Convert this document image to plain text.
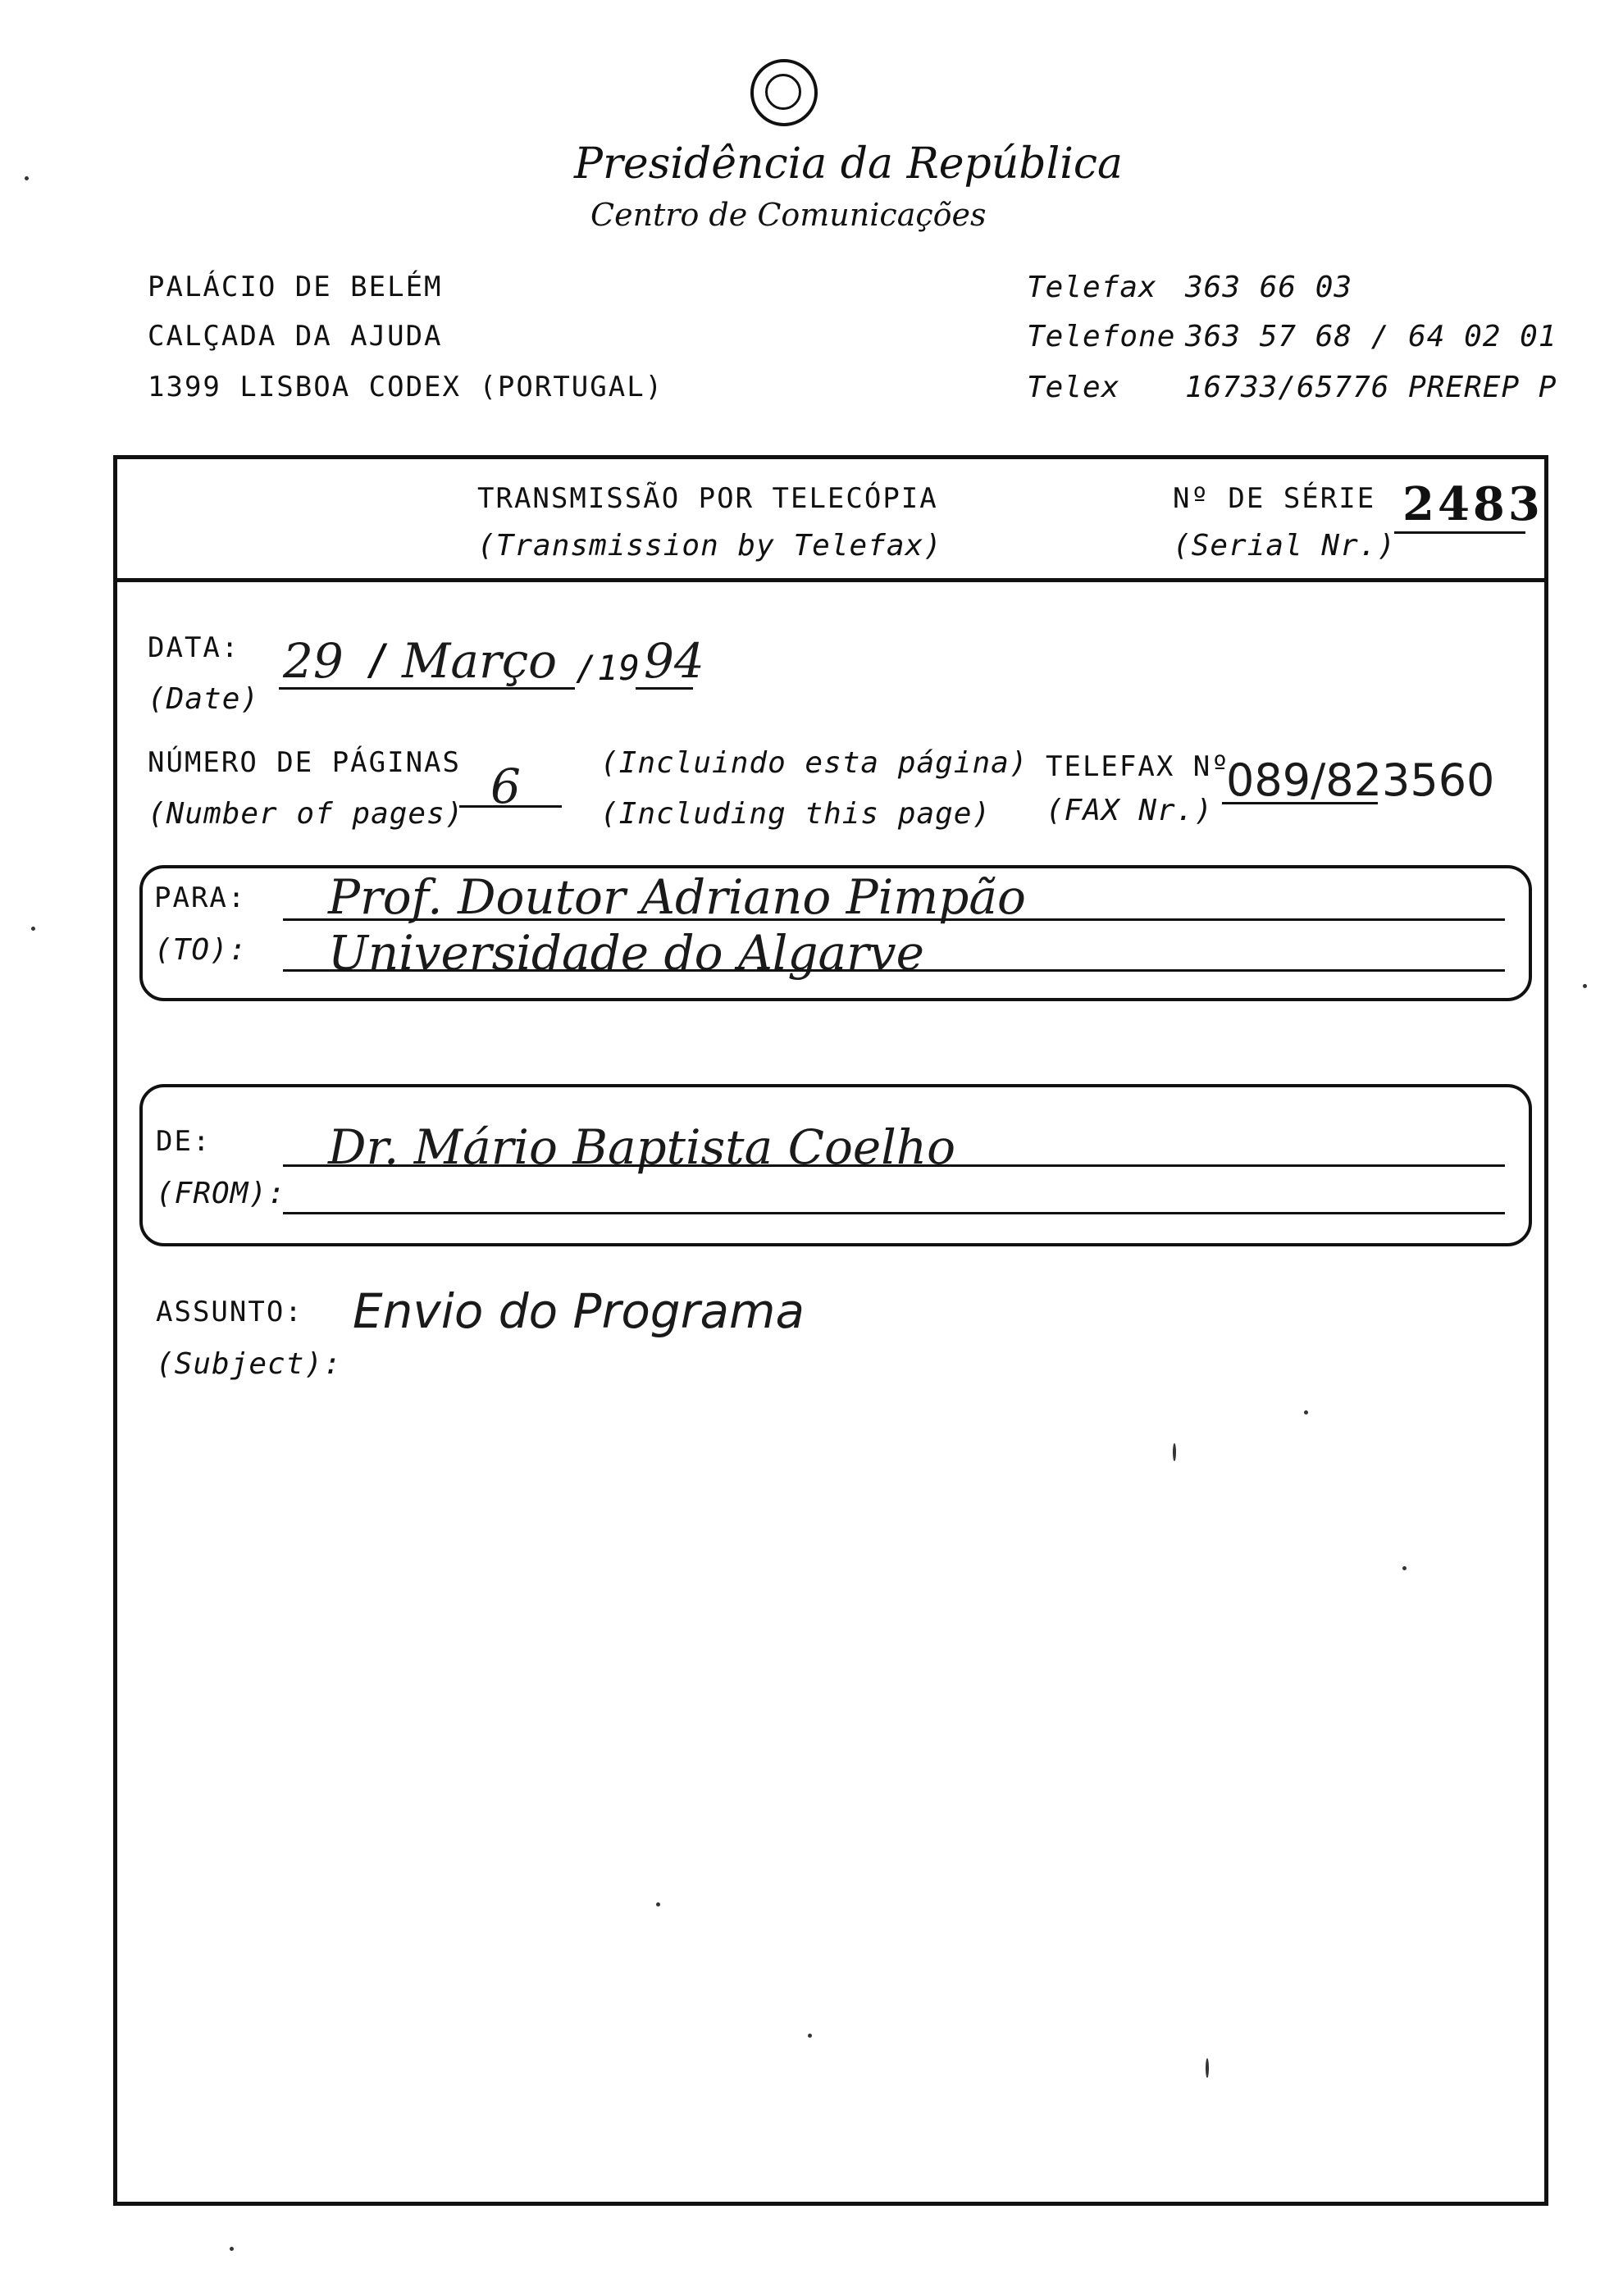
Presidência da República
Centro de Comunicações
PALÁCIO DE BELÉM
CALÇADA DA AJUDA
1399 LISBOA CODEX (PORTUGAL)
Telefax 363 66 03
Telefone 363 57 68 / 64 02 01
Telex 16733/65776 PREREP P
TRANSMISSÃO POR TELECÓPIA
(Transmission by Telefax)
Nº DE SÉRIE
(Serial Nr.)
2483
DATA:
(Date)
29 / Março /19 94
NÚMERO DE PÁGINAS
(Number of pages) 6	(Incluindo esta página)
(Including this page)
TELEFAX Nº
(FAX Nr.)
089/823560
PARA:
(TO):
Prof. Doutor Adriano Pimpão
Universidade do Algarve
DE:
(FROM):
Dr. Mário Baptista Coelho
ASSUNTO:
(Subject):
Envio do Programa
